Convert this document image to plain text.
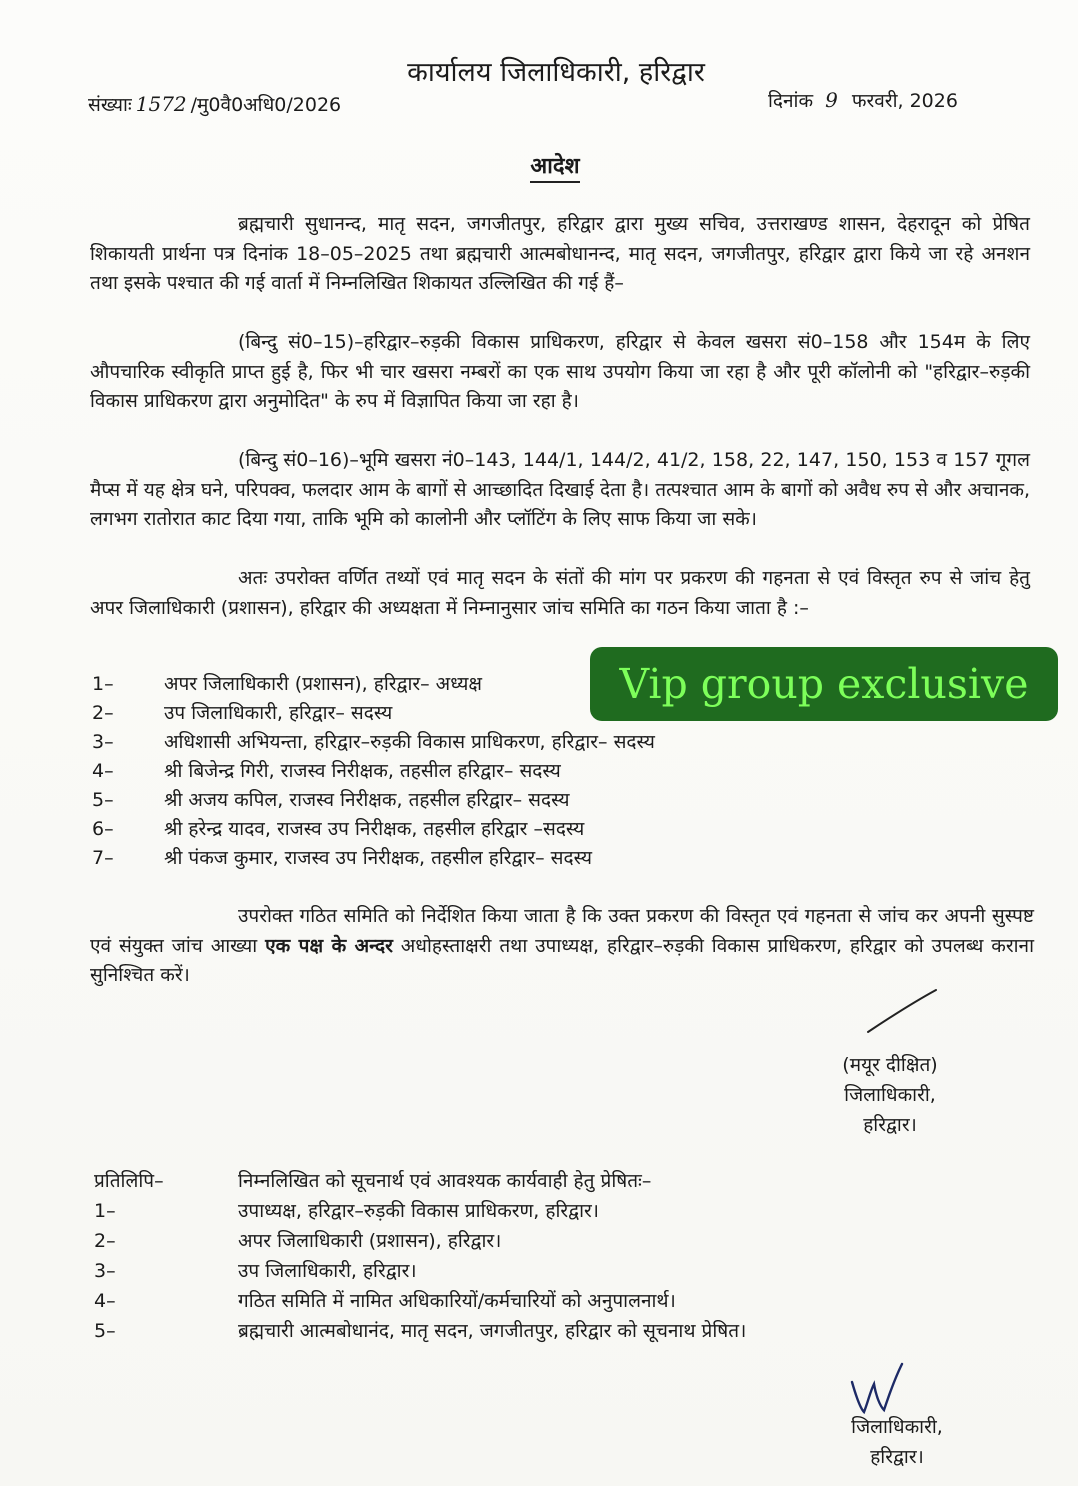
कार्यालय जिलाधिकारी, हरिद्वार
संख्याः 1572 /मु0वै0अधि0/2026	दिनांक 9 फरवरी, 2026
आदेश

ब्रह्मचारी सुधानन्द, मातृ सदन, जगजीतपुर, हरिद्वार द्वारा मुख्य सचिव, उत्तराखण्ड शासन, देहरादून को प्रेषित शिकायती प्रार्थना पत्र दिनांक 18–05–2025 तथा ब्रह्मचारी आत्मबोधानन्द, मातृ सदन, जगजीतपुर, हरिद्वार द्वारा किये जा रहे अनशन तथा इसके पश्चात की गई वार्ता में निम्नलिखित शिकायत उल्लिखित की गई हैं–

(बिन्दु सं0–15)–हरिद्वार–रुड़की विकास प्राधिकरण, हरिद्वार से केवल खसरा सं0–158 और 154म के लिए औपचारिक स्वीकृति प्राप्त हुई है, फिर भी चार खसरा नम्बरों का एक साथ उपयोग किया जा रहा है और पूरी कॉलोनी को "हरिद्वार–रुड़की विकास प्राधिकरण द्वारा अनुमोदित" के रुप में विज्ञापित किया जा रहा है।

(बिन्दु सं0–16)–भूमि खसरा नं0–143, 144/1, 144/2, 41/2, 158, 22, 147, 150, 153 व 157 गूगल मैप्स में यह क्षेत्र घने, परिपक्व, फलदार आम के बागों से आच्छादित दिखाई देता है। तत्पश्चात आम के बागों को अवैध रुप से और अचानक, लगभग रातोरात काट दिया गया, ताकि भूमि को कालोनी और प्लॉटिंग के लिए साफ किया जा सके।

अतः उपरोक्त वर्णित तथ्यों एवं मातृ सदन के संतों की मांग पर प्रकरण की गहनता से एवं विस्तृत रुप से जांच हेतु अपर जिलाधिकारी (प्रशासन), हरिद्वार की अध्यक्षता में निम्नानुसार जांच समिति का गठन किया जाता है :–

1–	अपर जिलाधिकारी (प्रशासन), हरिद्वार– अध्यक्ष
2–	उप जिलाधिकारी, हरिद्वार– सदस्य
3–	अधिशासी अभियन्ता, हरिद्वार–रुड़की विकास प्राधिकरण, हरिद्वार– सदस्य
4–	श्री बिजेन्द्र गिरी, राजस्व निरीक्षक, तहसील हरिद्वार– सदस्य
5–	श्री अजय कपिल, राजस्व निरीक्षक, तहसील हरिद्वार– सदस्य
6–	श्री हरेन्द्र यादव, राजस्व उप निरीक्षक, तहसील हरिद्वार –सदस्य
7–	श्री पंकज कुमार, राजस्व उप निरीक्षक, तहसील हरिद्वार– सदस्य
Vip group exclusive

उपरोक्त गठित समिति को निर्देशित किया जाता है कि उक्त प्रकरण की विस्तृत एवं गहनता से जांच कर अपनी सुस्पष्ट एवं संयुक्त जांच आख्या एक पक्ष के अन्दर अधोहस्ताक्षरी तथा उपाध्यक्ष, हरिद्वार–रुड़की विकास प्राधिकरण, हरिद्वार को उपलब्ध कराना सुनिश्चित करें।

(मयूर दीक्षित)
जिलाधिकारी,
हरिद्वार।
प्रतिलिपि–	निम्नलिखित को सूचनार्थ एवं आवश्यक कार्यवाही हेतु प्रेषितः–
1–	उपाध्यक्ष, हरिद्वार–रुड़की विकास प्राधिकरण, हरिद्वार।
2–	अपर जिलाधिकारी (प्रशासन), हरिद्वार।
3–	उप जिलाधिकारी, हरिद्वार।
4–	गठित समिति में नामित अधिकारियों/कर्मचारियों को अनुपालनार्थ।
5–	ब्रह्मचारी आत्मबोधानंद, मातृ सदन, जगजीतपुर, हरिद्वार को सूचनाथ प्रेषित।
जिलाधिकारी,
हरिद्वार।
